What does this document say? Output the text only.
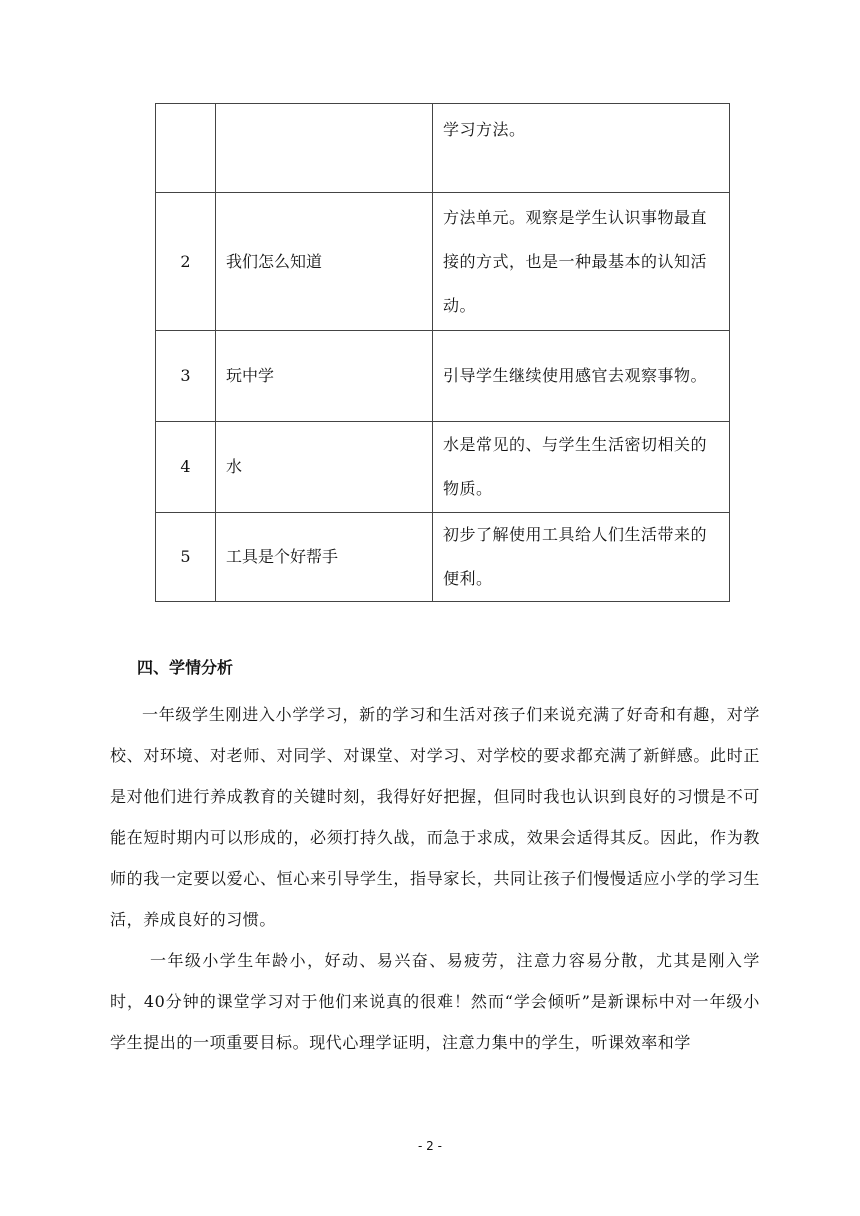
		学习方法。
2	我们怎么知道	方法单元。观察是学生认识事物最直接的方式，也是一种最基本的认知活动。
3	玩中学	引导学生继续使用感官去观察事物。
4	水	水是常见的、与学生生活密切相关的物质。
5	工具是个好帮手	初步了解使用工具给人们生活带来的便利。
四、学情分析
一年级学生刚进入小学学习，新的学习和生活对孩子们来说充满了好奇和有趣，对学校、对环境、对老师、对同学、对课堂、对学习、对学校的要求都充满了新鲜感。此时正是对他们进行养成教育的关键时刻，我得好好把握，但同时我也认识到良好的习惯是不可能在短时期内可以形成的，必须打持久战，而急于求成，效果会适得其反。因此，作为教师的我一定要以爱心、恒心来引导学生，指导家长，共同让孩子们慢慢适应小学的学习生活，养成良好的习惯。
一年级小学生年龄小，好动、易兴奋、易疲劳，注意力容易分散，尤其是刚入学时，40分钟的课堂学习对于他们来说真的很难！然而“学会倾听”是新课标中对一年级小学生提出的一项重要目标。现代心理学证明，注意力集中的学生，听课效率和学
- 2 -
